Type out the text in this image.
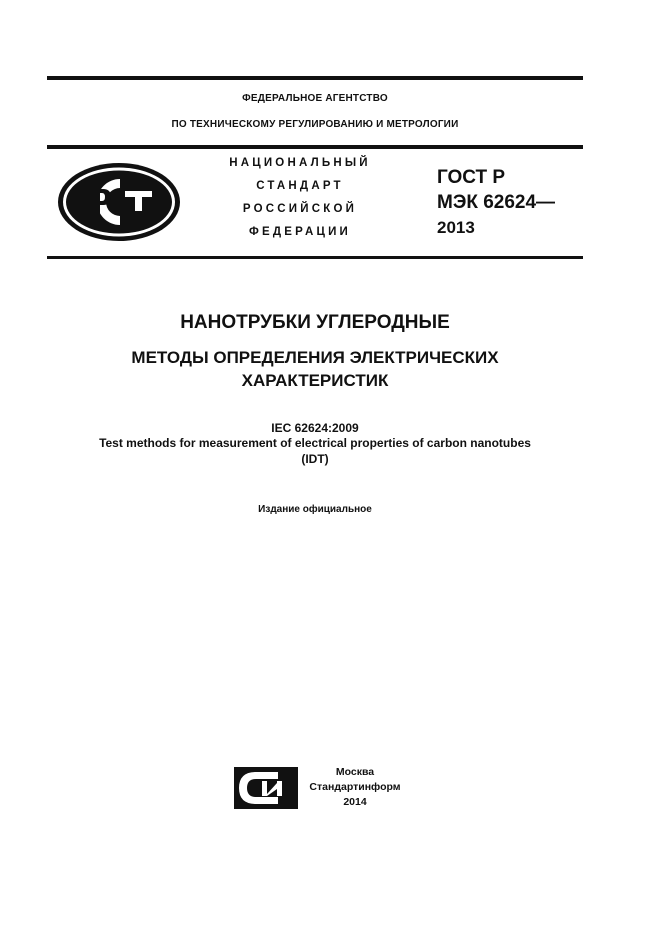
ФЕДЕРАЛЬНОЕ АГЕНТСТВО
ПО ТЕХНИЧЕСКОМУ РЕГУЛИРОВАНИЮ И МЕТРОЛОГИИ
НАЦИОНАЛЬНЫЙ
СТАНДАРТ
РОССИЙСКОЙ
ФЕДЕРАЦИИ
ГОСТ Р
МЭК 62624—
2013
НАНОТРУБКИ УГЛЕРОДНЫЕ
МЕТОДЫ ОПРЕДЕЛЕНИЯ ЭЛЕКТРИЧЕСКИХ
ХАРАКТЕРИСТИК
IEC 62624:2009
Test methods for measurement of electrical properties of carbon nanotubes
(IDT)
Издание официальное
Москва
Стандартинформ
2014
